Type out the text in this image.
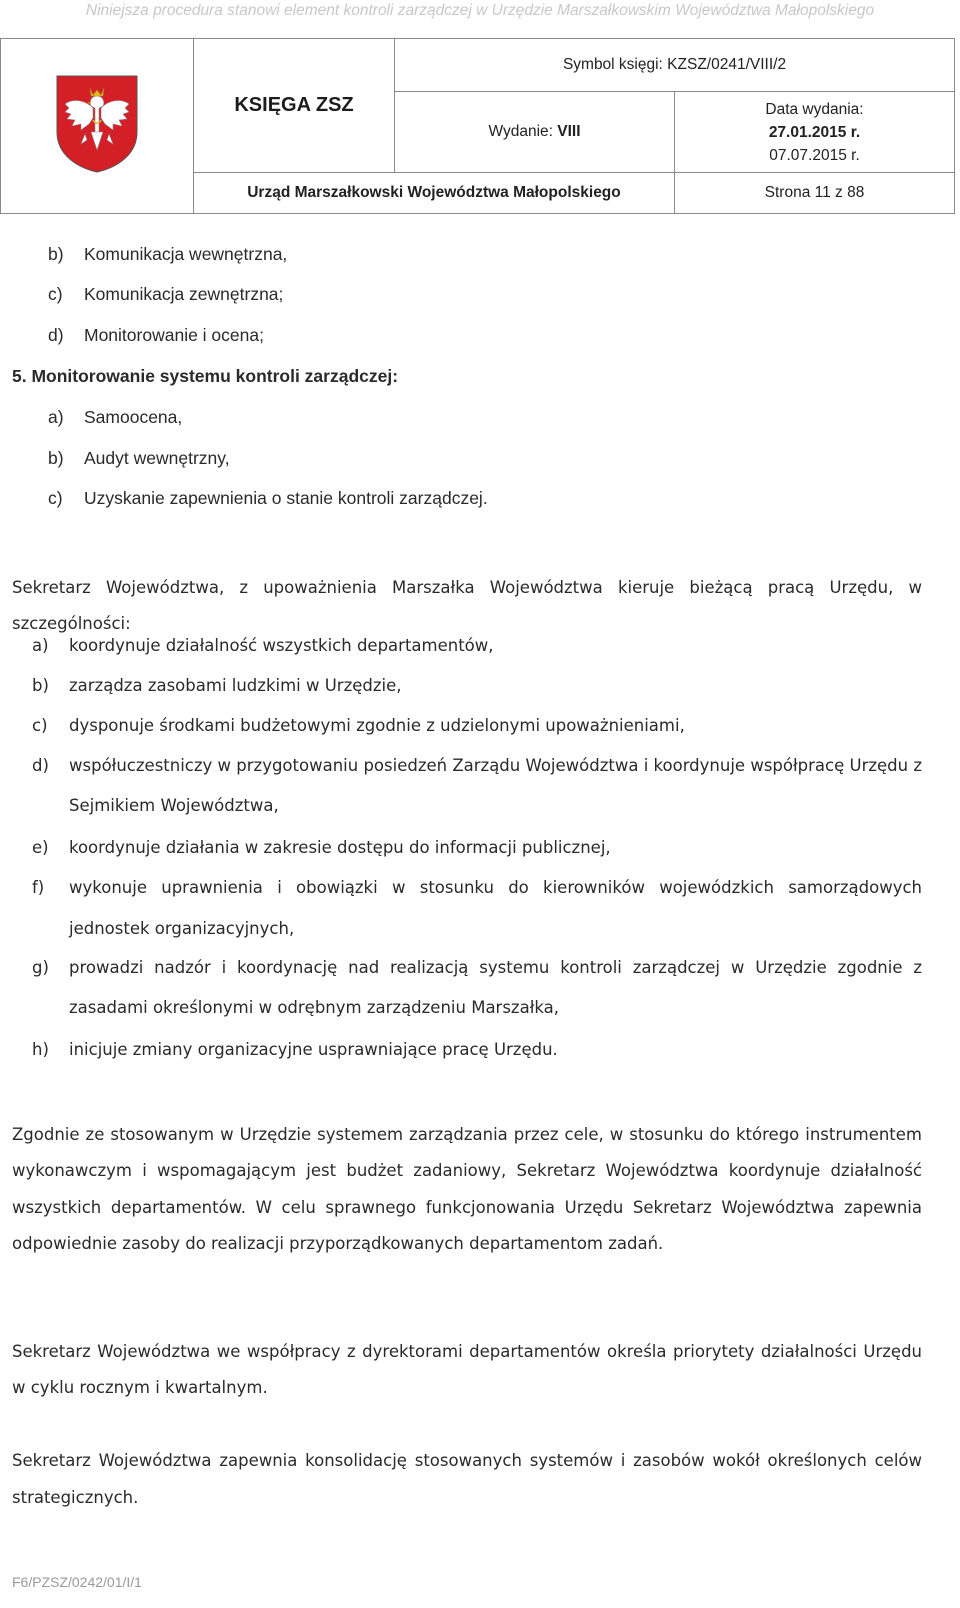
Niniejsza procedura stanowi element kontroli zarządczej w Urzędzie Marszałkowskim Województwa Małopolskiego
	KSIĘGA ZSZ	Symbol księgi: KZSZ/0241/VIII/2	
		Wydanie: VIII	Data wydania:
27.01.2015 r.
07.07.2015 r.

	Urząd Marszałkowski Województwa Małopolskiego		Strona 11 z 88
b) Komunikacja wewnętrzna,
c) Komunikacja zewnętrzna;
d) Monitorowanie i ocena;
5. Monitorowanie systemu kontroli zarządczej:
a) Samoocena,
b) Audyt wewnętrzny,
c) Uzyskanie zapewnienia o stanie kontroli zarządczej.
Sekretarz Województwa, z upoważnienia Marszałka Województwa kieruje bieżącą pracą Urzędu, w szczególności:
a) koordynuje działalność wszystkich departamentów,
b) zarządza zasobami ludzkimi w Urzędzie,
c) dysponuje środkami budżetowymi zgodnie z udzielonymi upoważnieniami,
d) współuczestniczy w przygotowaniu posiedzeń Zarządu Województwa i koordynuje współpracę Urzędu z Sejmikiem Województwa,
e) koordynuje działania w zakresie dostępu do informacji publicznej,
f) wykonuje uprawnienia i obowiązki w stosunku do kierowników wojewódzkich samorządowych jednostek organizacyjnych,
g) prowadzi nadzór i koordynację nad realizacją systemu kontroli zarządczej w Urzędzie zgodnie z zasadami określonymi w odrębnym zarządzeniu Marszałka,
h) inicjuje zmiany organizacyjne usprawniające pracę Urzędu.
Zgodnie ze stosowanym w Urzędzie systemem zarządzania przez cele, w stosunku do którego instrumentem wykonawczym i wspomagającym jest budżet zadaniowy, Sekretarz Województwa koordynuje działalność wszystkich departamentów. W celu sprawnego funkcjonowania Urzędu Sekretarz Województwa zapewnia odpowiednie zasoby do realizacji przyporządkowanych departamentom zadań.
Sekretarz Województwa we współpracy z dyrektorami departamentów określa priorytety działalności Urzędu w cyklu rocznym i kwartalnym.
Sekretarz Województwa zapewnia konsolidację stosowanych systemów i zasobów wokół określonych celów strategicznych.
F6/PZSZ/0242/01/I/1
